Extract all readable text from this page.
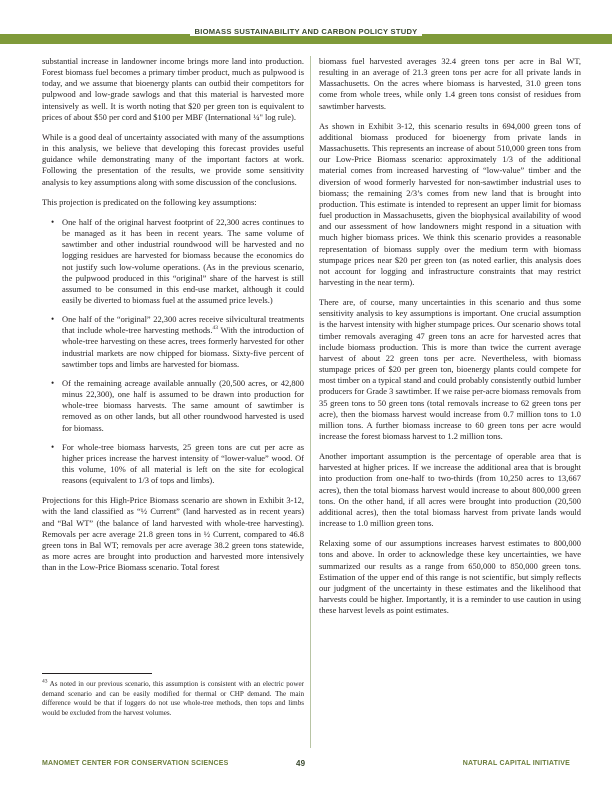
BIOMASS SUSTAINABILITY AND CARBON POLICY STUDY

substantial increase in landowner income brings more land into production. Forest biomass fuel becomes a primary timber product, much as pulpwood is today, and we assume that bioenergy plants can outbid their competitors for pulpwood and low-grade sawlogs and that this material is harvested more intensively as well. It is worth noting that $20 per green ton is equivalent to prices of about $50 per cord and $100 per MBF (International ¼" log rule).

While is a good deal of uncertainty associated with many of the assumptions in this analysis, we believe that developing this forecast provides useful guidance while demonstrating many of the important factors at work. Following the presentation of the results, we provide some sensitivity analysis to key assumptions along with some discussion of the conclusions.

This projection is predicated on the following key assumptions:

• One half of the original harvest footprint of 22,300 acres continues to be managed as it has been in recent years. The same volume of sawtimber and other industrial roundwood will be harvested and no logging residues are harvested for biomass because the economics do not justify such low-volume operations. (As in the previous scenario, the pulpwood produced in this “original” share of the harvest is still assumed to be consumed in this end-use market, although it could easily be diverted to biomass fuel at the assumed price levels.)
• One half of the “original” 22,300 acres receive silvicultural treatments that include whole-tree harvesting methods.$^{43}$ With the introduction of whole-tree harvesting on these acres, trees formerly harvested for other industrial markets are now chipped for biomass. Sixty-five percent of sawtimber tops and limbs are harvested for biomass.
• Of the remaining acreage available annually (20,500 acres, or 42,800 minus 22,300), one half is assumed to be drawn into production for whole-tree biomass harvests. The same amount of sawtimber is removed as on other lands, but all other roundwood harvested is used for biomass.
• For whole-tree biomass harvests, 25 green tons are cut per acre as higher prices increase the harvest intensity of “lower-value” wood. Of this volume, 10% of all material is left on the site for ecological reasons (equivalent to 1/3 of tops and limbs).

Projections for this High-Price Biomass scenario are shown in Exhibit 3-12, with the land classified as “½ Current” (land harvested as in recent years) and “Bal WT” (the balance of land harvested with whole-tree harvesting). Removals per acre average 21.8 green tons in ½ Current, compared to 46.8 green tons in Bal WT; removals per acre average 38.2 green tons statewide, as more acres are brought into production and harvested more intensively than in the Low-Price Biomass scenario. Total forest

$^{43}$ As noted in our previous scenario, this assumption is consistent with an electric power demand scenario and can be easily modified for thermal or CHP demand. The main difference would be that if loggers do not use whole-tree methods, then tops and limbs would be excluded from the harvest volumes.

biomass fuel harvested averages 32.4 green tons per acre in Bal WT, resulting in an average of 21.3 green tons per acre for all private lands in Massachusetts. On the acres where biomass is harvested, 31.0 green tons come from whole trees, while only 1.4 green tons consist of residues from sawtimber harvests.

As shown in Exhibit 3-12, this scenario results in 694,000 green tons of additional biomass produced for bioenergy from private lands in Massachusetts. This represents an increase of about 510,000 green tons from our Low-Price Biomass scenario: approximately 1/3 of the additional material comes from increased harvesting of “low-value” timber and the diversion of wood formerly harvested for non-sawtimber industrial uses to biomass; the remaining 2/3’s comes from new land that is brought into production. This estimate is intended to represent an upper limit for biomass fuel production in Massachusetts, given the biophysical availability of wood and our assessment of how landowners might respond in a situation with much higher biomass prices. We think this scenario provides a reasonable representation of biomass supply over the medium term with biomass stumpage prices near $20 per green ton (as noted earlier, this analysis does not account for logging and infrastructure constraints that may restrict harvesting in the near term).

There are, of course, many uncertainties in this scenario and thus some sensitivity analysis to key assumptions is important. One crucial assumption is the harvest intensity with higher stumpage prices. Our scenario shows total timber removals averaging 47 green tons an acre for harvested acres that include biomass production. This is more than twice the current average harvest of about 22 green tons per acre. Nevertheless, with biomass stumpage prices of $20 per green ton, bioenergy plants could compete for most timber on a typical stand and could probably consistently outbid lumber producers for Grade 3 sawtimber. If we raise per-acre biomass removals from 35 green tons to 50 green tons (total removals increase to 62 green tons per acre), then the biomass harvest would increase from 0.7 million tons to 1.0 million tons. A further biomass increase to 60 green tons per acre would increase the forest biomass harvest to 1.2 million tons.

Another important assumption is the percentage of operable area that is harvested at higher prices. If we increase the additional area that is brought into production from one-half to two-thirds (from 10,250 acres to 13,667 acres), then the total biomass harvest would increase to about 800,000 green tons. On the other hand, if all acres were brought into production (20,500 additional acres), then the total biomass harvest from private lands would increase to 1.0 million green tons.

Relaxing some of our assumptions increases harvest estimates to 800,000 tons and above. In order to acknowledge these key uncertainties, we have summarized our results as a range from 650,000 to 850,000 green tons. Estimation of the upper end of this range is not scientific, but simply reflects our judgment of the uncertainty in these estimates and the likelihood that harvests could be higher. Importantly, it is a reminder to use caution in using these harvest levels as point estimates.

MANOMET CENTER FOR CONSERVATION SCIENCES	49	NATURAL CAPITAL INITIATIVE
